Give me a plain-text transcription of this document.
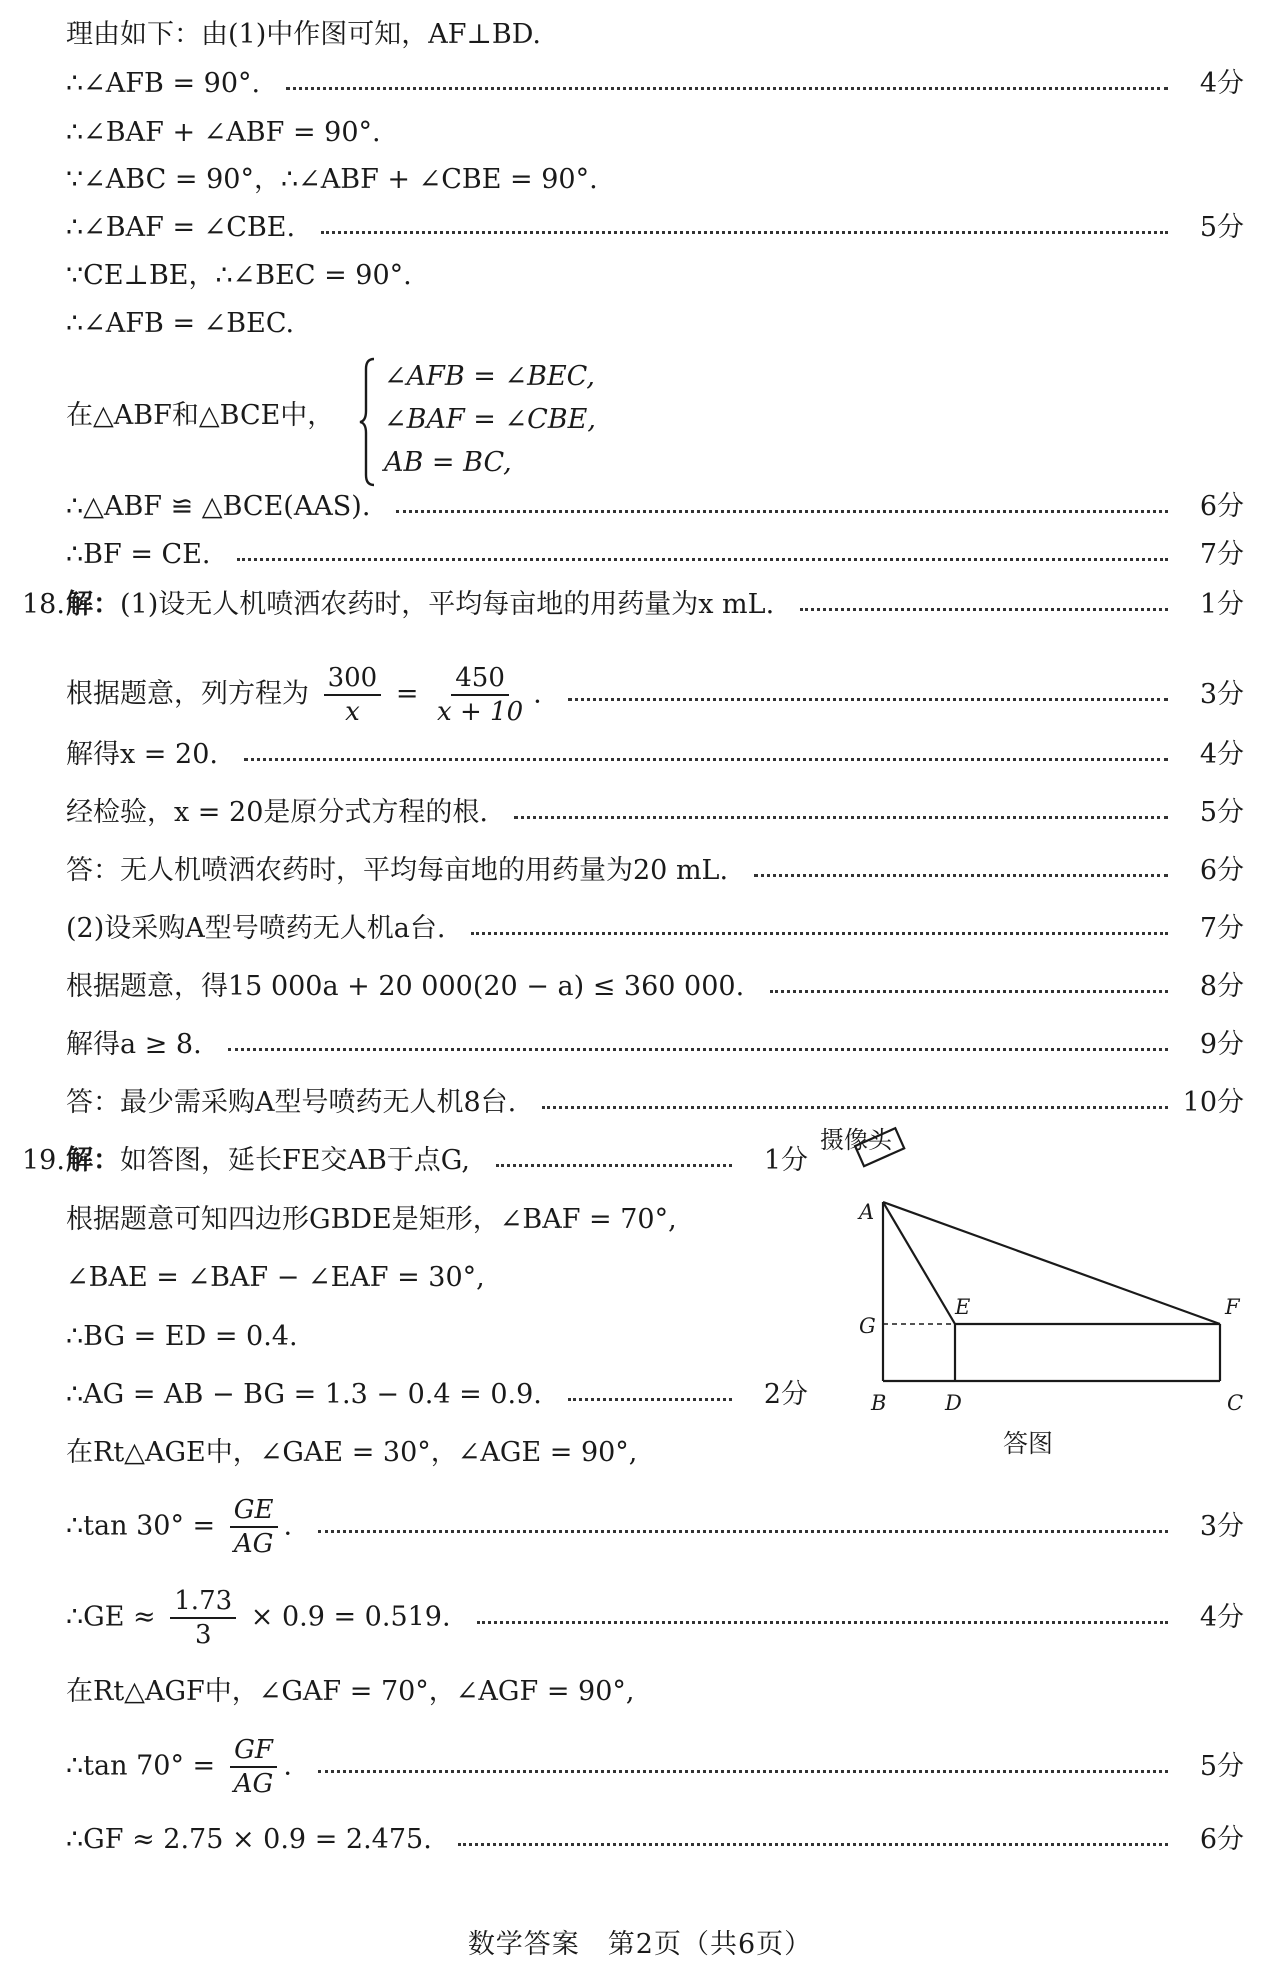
理由如下：由(1)中作图可知，AF⊥BD.
∴∠AFB = 90°.	4分
∴∠BAF + ∠ABF = 90°.
∵∠ABC = 90°，∴∠ABF + ∠CBE = 90°.
∴∠BAF = ∠CBE.	5分
∵CE⊥BE，∴∠BEC = 90°.
∴∠AFB = ∠BEC.
在△ABF和△BCE中，
∠AFB = ∠BEC,
∠BAF = ∠CBE,
AB = BC,
∴△ABF ≌ △BCE(AAS).	6分
∴BF = CE.	7分
18. 解：(1)设无人机喷洒农药时，平均每亩地的用药量为x mL.	1分
根据题意，列方程为 $\frac{300}{x} = \frac{450}{x + 10}$ .	3分
解得x = 20.	4分
经检验，x = 20是原分式方程的根.	5分
答：无人机喷洒农药时，平均每亩地的用药量为20 mL.	6分
(2)设采购A型号喷药无人机a台.	7分
根据题意，得15 000a + 20 000(20 − a) ≤ 360 000.	8分
解得a ≥ 8.	9分
答：最少需采购A型号喷药无人机8台.	10分
19. 解：如答图，延长FE交AB于点G,	1分
根据题意可知四边形GBDE是矩形，∠BAF = 70°,
∠BAE = ∠BAF − ∠EAF = 30°,
∴BG = ED = 0.4.
∴AG = AB − BG = 1.3 − 0.4 = 0.9.	2分
在Rt△AGE中，∠GAE = 30°，∠AGE = 90°,
∴tan $30^\circ = \frac{GE}{AG}$ .	3分
∴GE ≈ $\frac{1.73}{3} \times 0.9 = 0.519$.	4分
在Rt△AGF中，∠GAF = 70°，∠AGF = 90°,
∴tan $70^\circ = \frac{GF}{AG}$ .	5分
∴GF ≈ 2.75 × 0.9 = 2.475.	6分
A
E
G
F
B	D	C
摄像头
答图
数学答案　第2页（共6页）
